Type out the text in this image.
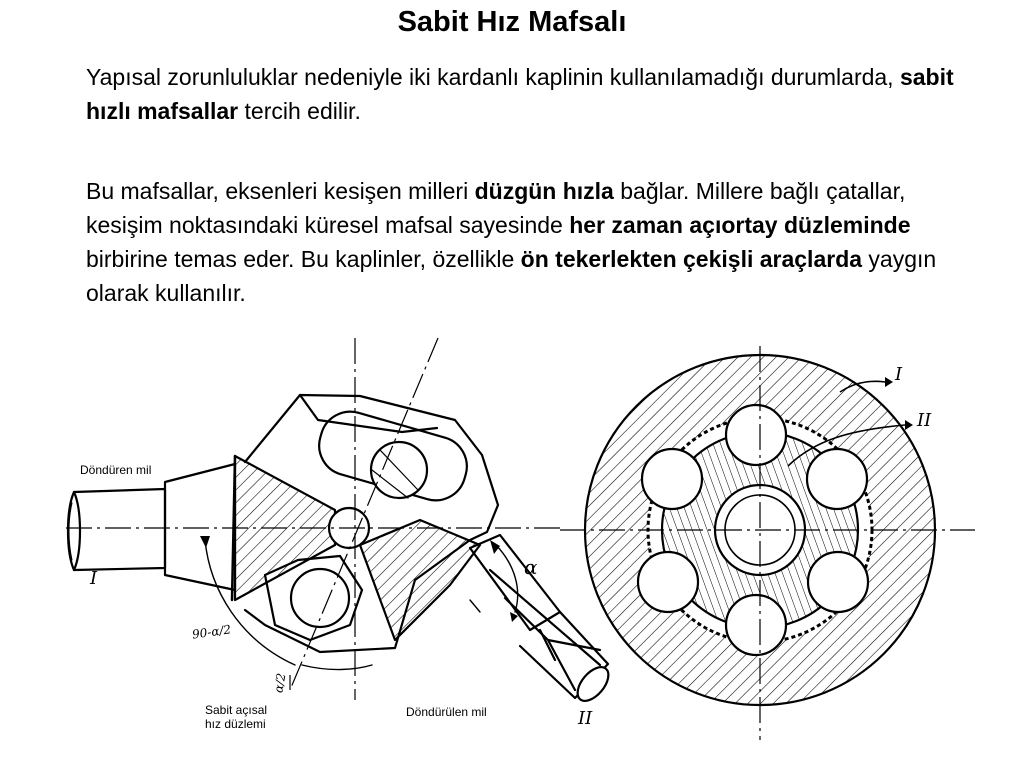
Sabit Hız Mafsalı
Yapısal zorunluluklar nedeniyle iki kardanlı kaplinin kullanılamadığı durumlarda, sabit hızlı mafsallar tercih edilir.
Bu mafsallar, eksenleri kesişen milleri düzgün hızla bağlar. Millere bağlı çatallar, kesişim noktasındaki küresel mafsal sayesinde her zaman açıortay düzleminde birbirine temas eder. Bu kaplinler, özellikle ön tekerlekten çekişli araçlarda yaygın olarak kullanılır.
Döndüren mil
Döndürülen mil
Sabit açısal
hız düzlemi
I
II
I
II
α
90-α/2
α/2
